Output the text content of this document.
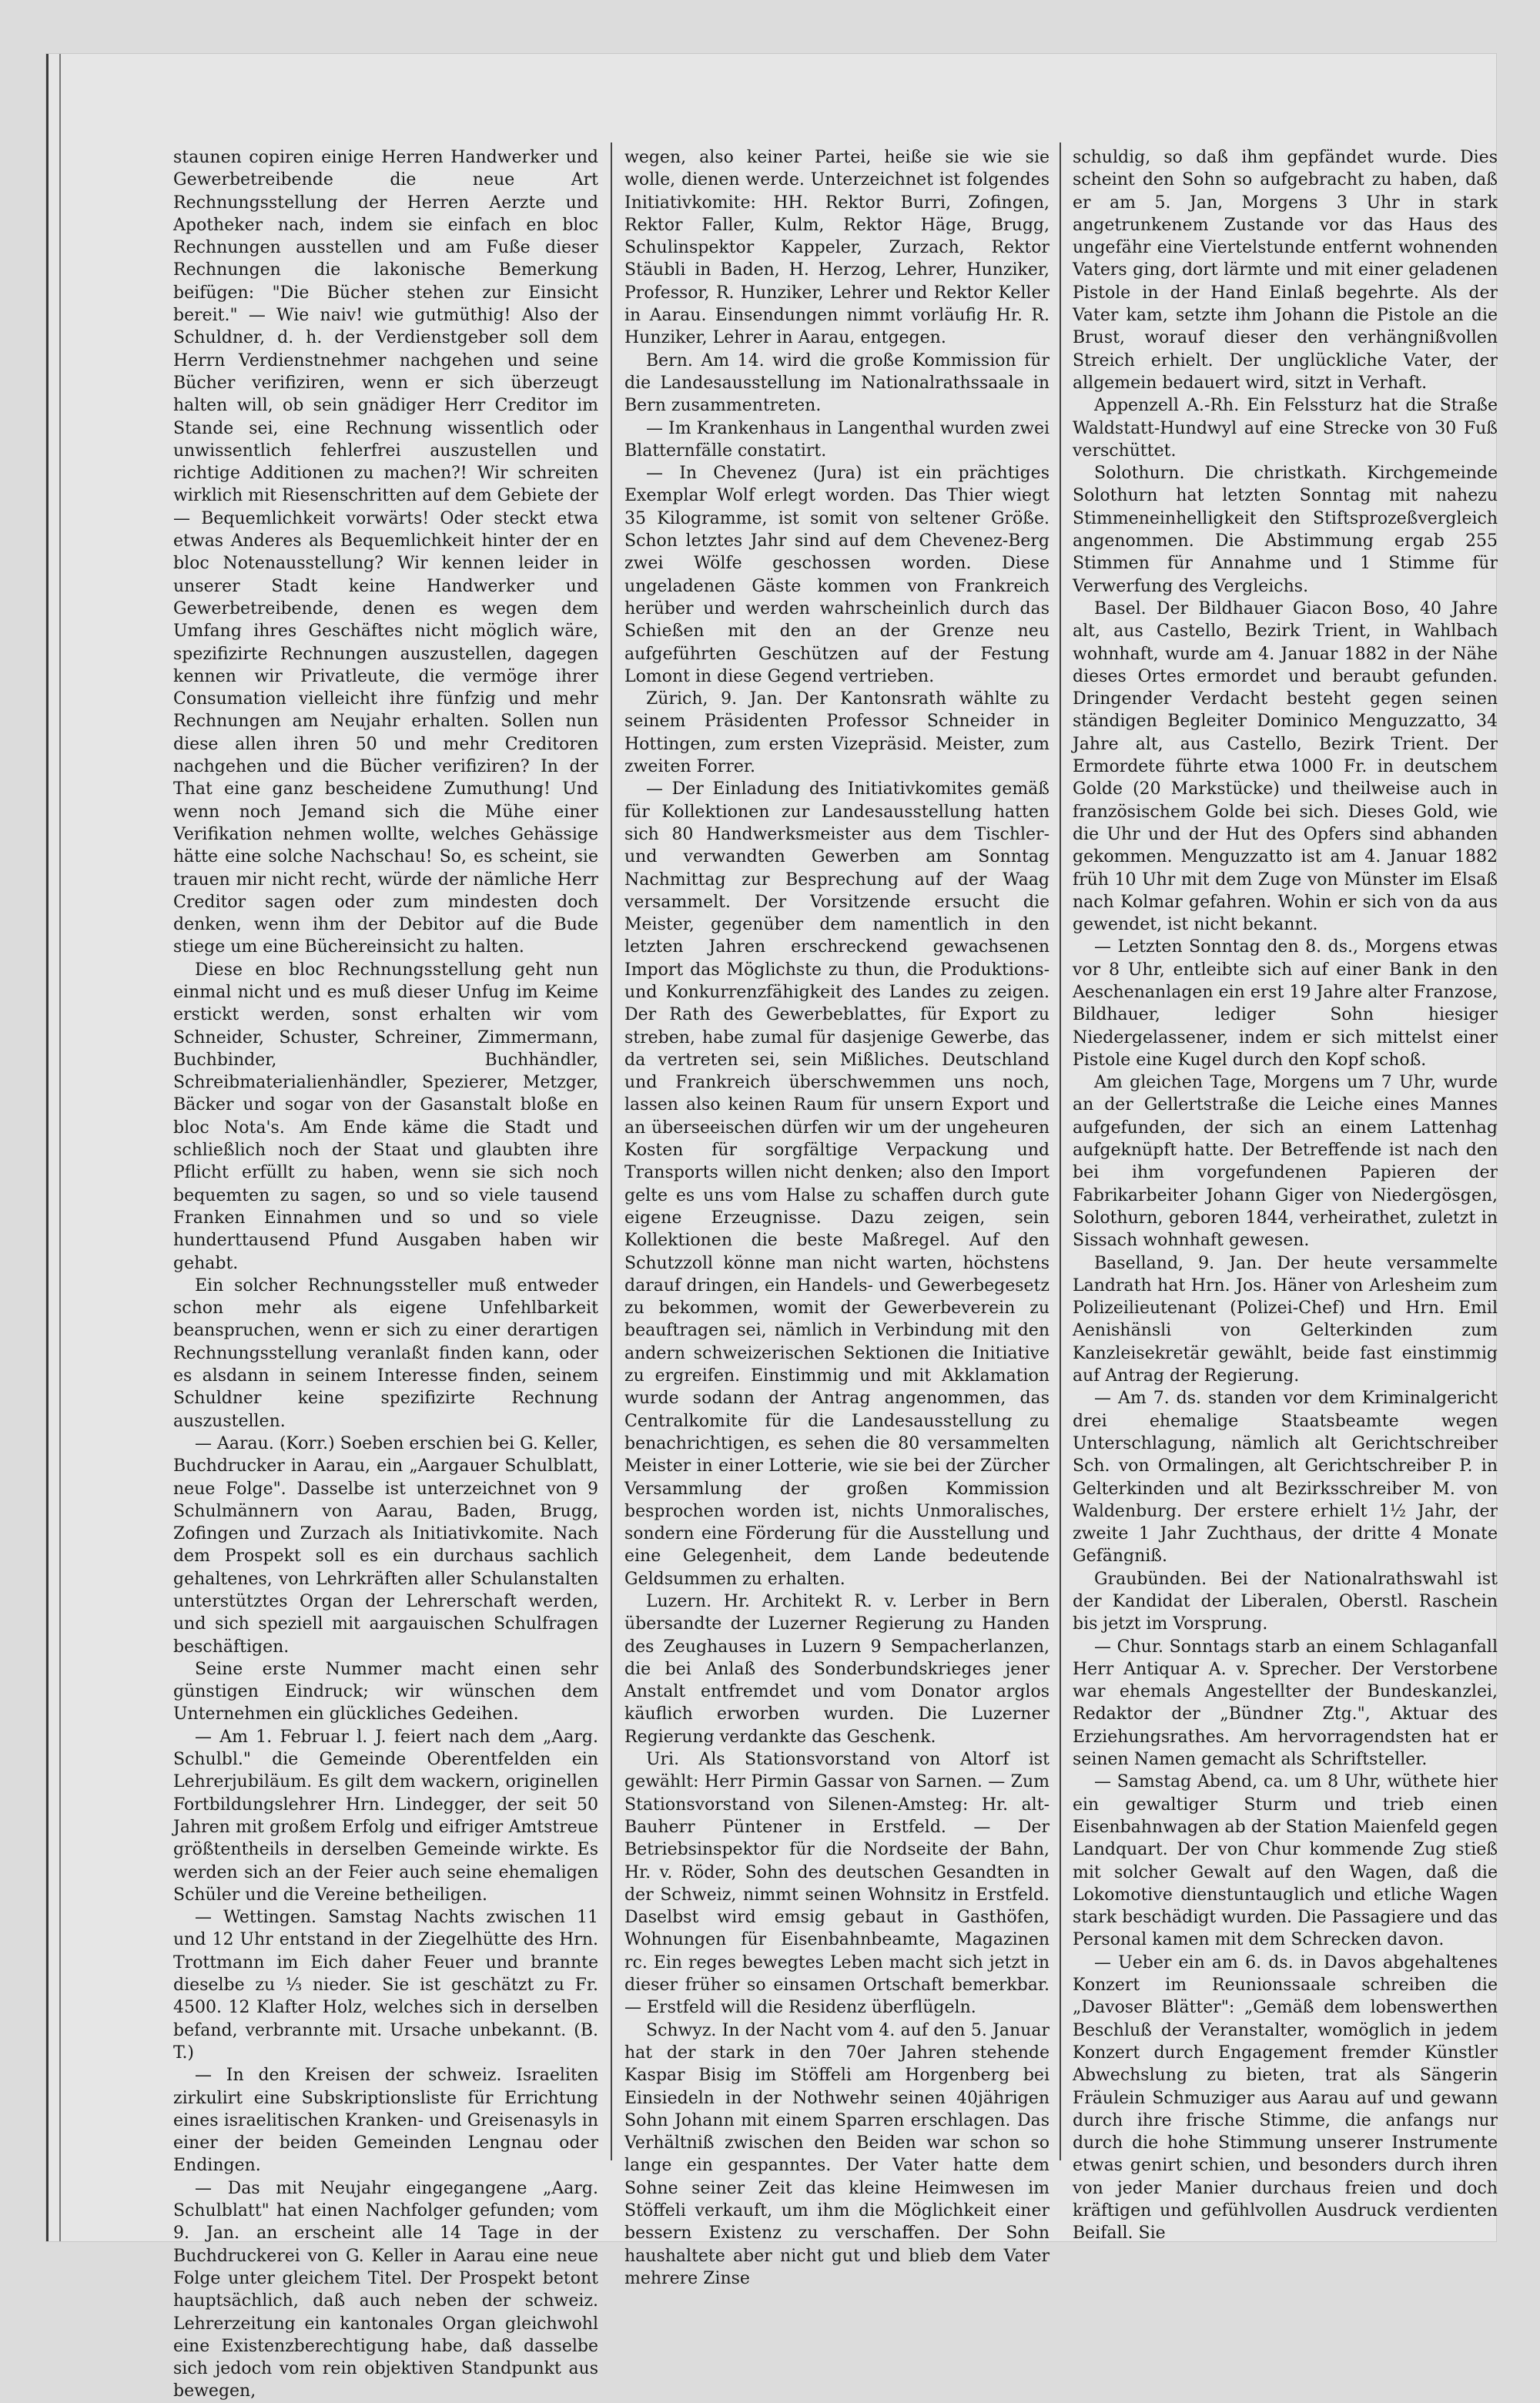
staunen copiren einige Herren Handwerker und Gewerbetreibende die neue Art Rechnungsstellung der Herren Aerzte und Apotheker nach, indem sie einfach en bloc Rechnungen ausstellen und am Fuße dieser Rechnungen die lakonische Bemerkung beifügen: "Die Bücher stehen zur Einsicht bereit." — Wie naiv! wie gutmüthig! Also der Schuldner, d. h. der Verdienstgeber soll dem Herrn Verdienstnehmer nachgehen und seine Bücher verifiziren, wenn er sich überzeugt halten will, ob sein gnädiger Herr Creditor im Stande sei, eine Rechnung wissentlich oder unwissentlich fehlerfrei auszustellen und richtige Additionen zu machen?! Wir schreiten wirklich mit Riesenschritten auf dem Gebiete der — Bequemlichkeit vorwärts! Oder steckt etwa etwas Anderes als Bequemlichkeit hinter der en bloc Notenausstellung? Wir kennen leider in unserer Stadt keine Handwerker und Gewerbetreibende, denen es wegen dem Umfang ihres Geschäftes nicht möglich wäre, spezifizirte Rechnungen auszustellen, dagegen kennen wir Privatleute, die vermöge ihrer Consumation vielleicht ihre fünfzig und mehr Rechnungen am Neujahr erhalten. Sollen nun diese allen ihren 50 und mehr Creditoren nachgehen und die Bücher verifiziren? In der That eine ganz bescheidene Zumuthung! Und wenn noch Jemand sich die Mühe einer Verifikation nehmen wollte, welches Gehässige hätte eine solche Nachschau! So, es scheint, sie trauen mir nicht recht, würde der nämliche Herr Creditor sagen oder zum mindesten doch denken, wenn ihm der Debitor auf die Bude stiege um eine Büchereinsicht zu halten.

Diese en bloc Rechnungsstellung geht nun einmal nicht und es muß dieser Unfug im Keime erstickt werden, sonst erhalten wir vom Schneider, Schuster, Schreiner, Zimmermann, Buchbinder, Buchhändler, Schreibmaterialienhändler, Spezierer, Metzger, Bäcker und sogar von der Gasanstalt bloße en bloc Nota's. Am Ende käme die Stadt und schließlich noch der Staat und glaubten ihre Pflicht erfüllt zu haben, wenn sie sich noch bequemten zu sagen, so und so viele tausend Franken Einnahmen und so und so viele hunderttausend Pfund Ausgaben haben wir gehabt.

Ein solcher Rechnungssteller muß entweder schon mehr als eigene Unfehlbarkeit beanspruchen, wenn er sich zu einer derartigen Rechnungsstellung veranlaßt finden kann, oder es alsdann in seinem Interesse finden, seinem Schuldner keine spezifizirte Rechnung auszustellen.

— Aarau. (Korr.) Soeben erschien bei G. Keller, Buchdrucker in Aarau, ein „Aargauer Schulblatt, neue Folge". Dasselbe ist unterzeichnet von 9 Schulmännern von Aarau, Baden, Brugg, Zofingen und Zurzach als Initiativkomite. Nach dem Prospekt soll es ein durchaus sachlich gehaltenes, von Lehrkräften aller Schulanstalten unterstütztes Organ der Lehrerschaft werden, und sich speziell mit aargauischen Schulfragen beschäftigen.

Seine erste Nummer macht einen sehr günstigen Eindruck; wir wünschen dem Unternehmen ein glückliches Gedeihen.

— Am 1. Februar l. J. feiert nach dem „Aarg. Schulbl." die Gemeinde Oberentfelden ein Lehrerjubiläum. Es gilt dem wackern, originellen Fortbildungslehrer Hrn. Lindegger, der seit 50 Jahren mit großem Erfolg und eifriger Amtstreue größtentheils in derselben Gemeinde wirkte. Es werden sich an der Feier auch seine ehemaligen Schüler und die Vereine betheiligen.

— Wettingen. Samstag Nachts zwischen 11 und 12 Uhr entstand in der Ziegelhütte des Hrn. Trottmann im Eich daher Feuer und brannte dieselbe zu ⅓ nieder. Sie ist geschätzt zu Fr. 4500. 12 Klafter Holz, welches sich in derselben befand, verbrannte mit. Ursache unbekannt. (B. T.)

— In den Kreisen der schweiz. Israeliten zirkulirt eine Subskriptionsliste für Errichtung eines israelitischen Kranken- und Greisenasyls in einer der beiden Gemeinden Lengnau oder Endingen.

— Das mit Neujahr eingegangene „Aarg. Schulblatt" hat einen Nachfolger gefunden; vom 9. Jan. an erscheint alle 14 Tage in der Buchdruckerei von G. Keller in Aarau eine neue Folge unter gleichem Titel. Der Prospekt betont hauptsächlich, daß auch neben der schweiz. Lehrerzeitung ein kantonales Organ gleichwohl eine Existenzberechtigung habe, daß dasselbe sich jedoch vom rein objektiven Standpunkt aus bewegen,

wegen, also keiner Partei, heiße sie wie sie wolle, dienen werde. Unterzeichnet ist folgendes Initiativkomite: HH. Rektor Burri, Zofingen, Rektor Faller, Kulm, Rektor Häge, Brugg, Schulinspektor Kappeler, Zurzach, Rektor Stäubli in Baden, H. Herzog, Lehrer, Hunziker, Professor, R. Hunziker, Lehrer und Rektor Keller in Aarau. Einsendungen nimmt vorläufig Hr. R. Hunziker, Lehrer in Aarau, entgegen.

Bern. Am 14. wird die große Kommission für die Landesausstellung im Nationalrathssaale in Bern zusammentreten.

— Im Krankenhaus in Langenthal wurden zwei Blatternfälle constatirt.

— In Chevenez (Jura) ist ein prächtiges Exemplar Wolf erlegt worden. Das Thier wiegt 35 Kilogramme, ist somit von seltener Größe. Schon letztes Jahr sind auf dem Chevenez-Berg zwei Wölfe geschossen worden. Diese ungeladenen Gäste kommen von Frankreich herüber und werden wahrscheinlich durch das Schießen mit den an der Grenze neu aufgeführten Geschützen auf der Festung Lomont in diese Gegend vertrieben.

Zürich, 9. Jan. Der Kantonsrath wählte zu seinem Präsidenten Professor Schneider in Hottingen, zum ersten Vizepräsid. Meister, zum zweiten Forrer.

— Der Einladung des Initiativkomites gemäß für Kollektionen zur Landesausstellung hatten sich 80 Handwerksmeister aus dem Tischler- und verwandten Gewerben am Sonntag Nachmittag zur Besprechung auf der Waag versammelt. Der Vorsitzende ersucht die Meister, gegenüber dem namentlich in den letzten Jahren erschreckend gewachsenen Import das Möglichste zu thun, die Produktions- und Konkurrenzfähigkeit des Landes zu zeigen. Der Rath des Gewerbeblattes, für Export zu streben, habe zumal für dasjenige Gewerbe, das da vertreten sei, sein Mißliches. Deutschland und Frankreich überschwemmen uns noch, lassen also keinen Raum für unsern Export und an überseeischen dürfen wir um der ungeheuren Kosten für sorgfältige Verpackung und Transports willen nicht denken; also den Import gelte es uns vom Halse zu schaffen durch gute eigene Erzeugnisse. Dazu zeigen, sein Kollektionen die beste Maßregel. Auf den Schutzzoll könne man nicht warten, höchstens darauf dringen, ein Handels- und Gewerbegesetz zu bekommen, womit der Gewerbeverein zu beauftragen sei, nämlich in Verbindung mit den andern schweizerischen Sektionen die Initiative zu ergreifen. Einstimmig und mit Akklamation wurde sodann der Antrag angenommen, das Centralkomite für die Landesausstellung zu benachrichtigen, es sehen die 80 versammelten Meister in einer Lotterie, wie sie bei der Zürcher Versammlung der großen Kommission besprochen worden ist, nichts Unmoralisches, sondern eine Förderung für die Ausstellung und eine Gelegenheit, dem Lande bedeutende Geldsummen zu erhalten.

Luzern. Hr. Architekt R. v. Lerber in Bern übersandte der Luzerner Regierung zu Handen des Zeughauses in Luzern 9 Sempacherlanzen, die bei Anlaß des Sonderbundskrieges jener Anstalt entfremdet und vom Donator arglos käuflich erworben wurden. Die Luzerner Regierung verdankte das Geschenk.

Uri. Als Stationsvorstand von Altorf ist gewählt: Herr Pirmin Gassar von Sarnen. — Zum Stationsvorstand von Silenen-Amsteg: Hr. alt-Bauherr Püntener in Erstfeld. — Der Betriebsinspektor für die Nordseite der Bahn, Hr. v. Röder, Sohn des deutschen Gesandten in der Schweiz, nimmt seinen Wohnsitz in Erstfeld. Daselbst wird emsig gebaut in Gasthöfen, Wohnungen für Eisenbahnbeamte, Magazinen rc. Ein reges bewegtes Leben macht sich jetzt in dieser früher so einsamen Ortschaft bemerkbar. — Erstfeld will die Residenz überflügeln.

Schwyz. In der Nacht vom 4. auf den 5. Januar hat der stark in den 70er Jahren stehende Kaspar Bisig im Stöffeli am Horgenberg bei Einsiedeln in der Nothwehr seinen 40jährigen Sohn Johann mit einem Sparren erschlagen. Das Verhältniß zwischen den Beiden war schon so lange ein gespanntes. Der Vater hatte dem Sohne seiner Zeit das kleine Heimwesen im Stöffeli verkauft, um ihm die Möglichkeit einer bessern Existenz zu verschaffen. Der Sohn haushaltete aber nicht gut und blieb dem Vater mehrere Zinse

schuldig, so daß ihm gepfändet wurde. Dies scheint den Sohn so aufgebracht zu haben, daß er am 5. Jan, Morgens 3 Uhr in stark angetrunkenem Zustande vor das Haus des ungefähr eine Viertelstunde entfernt wohnenden Vaters ging, dort lärmte und mit einer geladenen Pistole in der Hand Einlaß begehrte. Als der Vater kam, setzte ihm Johann die Pistole an die Brust, worauf dieser den verhängnißvollen Streich erhielt. Der unglückliche Vater, der allgemein bedauert wird, sitzt in Verhaft.

Appenzell A.-Rh. Ein Felssturz hat die Straße Waldstatt-Hundwyl auf eine Strecke von 30 Fuß verschüttet.

Solothurn. Die christkath. Kirchgemeinde Solothurn hat letzten Sonntag mit nahezu Stimmeneinhelligkeit den Stiftsprozeßvergleich angenommen. Die Abstimmung ergab 255 Stimmen für Annahme und 1 Stimme für Verwerfung des Vergleichs.

Basel. Der Bildhauer Giacon Boso, 40 Jahre alt, aus Castello, Bezirk Trient, in Wahlbach wohnhaft, wurde am 4. Januar 1882 in der Nähe dieses Ortes ermordet und beraubt gefunden. Dringender Verdacht besteht gegen seinen ständigen Begleiter Dominico Menguzzatto, 34 Jahre alt, aus Castello, Bezirk Trient. Der Ermordete führte etwa 1000 Fr. in deutschem Golde (20 Markstücke) und theilweise auch in französischem Golde bei sich. Dieses Gold, wie die Uhr und der Hut des Opfers sind abhanden gekommen. Menguzzatto ist am 4. Januar 1882 früh 10 Uhr mit dem Zuge von Münster im Elsaß nach Kolmar gefahren. Wohin er sich von da aus gewendet, ist nicht bekannt.

— Letzten Sonntag den 8. ds., Morgens etwas vor 8 Uhr, entleibte sich auf einer Bank in den Aeschenanlagen ein erst 19 Jahre alter Franzose, Bildhauer, lediger Sohn hiesiger Niedergelassener, indem er sich mittelst einer Pistole eine Kugel durch den Kopf schoß.

Am gleichen Tage, Morgens um 7 Uhr, wurde an der Gellertstraße die Leiche eines Mannes aufgefunden, der sich an einem Lattenhag aufgeknüpft hatte. Der Betreffende ist nach den bei ihm vorgefundenen Papieren der Fabrikarbeiter Johann Giger von Niedergösgen, Solothurn, geboren 1844, verheirathet, zuletzt in Sissach wohnhaft gewesen.

Baselland, 9. Jan. Der heute versammelte Landrath hat Hrn. Jos. Häner von Arlesheim zum Polizeilieutenant (Polizei-Chef) und Hrn. Emil Aenishänsli von Gelterkinden zum Kanzleisekretär gewählt, beide fast einstimmig auf Antrag der Regierung.

— Am 7. ds. standen vor dem Kriminalgericht drei ehemalige Staatsbeamte wegen Unterschlagung, nämlich alt Gerichtschreiber Sch. von Ormalingen, alt Gerichtschreiber P. in Gelterkinden und alt Bezirksschreiber M. von Waldenburg. Der erstere erhielt 1½ Jahr, der zweite 1 Jahr Zuchthaus, der dritte 4 Monate Gefängniß.

Graubünden. Bei der Nationalrathswahl ist der Kandidat der Liberalen, Oberstl. Raschein bis jetzt im Vorsprung.

— Chur. Sonntags starb an einem Schlaganfall Herr Antiquar A. v. Sprecher. Der Verstorbene war ehemals Angestellter der Bundeskanzlei, Redaktor der „Bündner Ztg.", Aktuar des Erziehungsrathes. Am hervorragendsten hat er seinen Namen gemacht als Schriftsteller.

— Samstag Abend, ca. um 8 Uhr, wüthete hier ein gewaltiger Sturm und trieb einen Eisenbahnwagen ab der Station Maienfeld gegen Landquart. Der von Chur kommende Zug stieß mit solcher Gewalt auf den Wagen, daß die Lokomotive dienstuntauglich und etliche Wagen stark beschädigt wurden. Die Passagiere und das Personal kamen mit dem Schrecken davon.

— Ueber ein am 6. ds. in Davos abgehaltenes Konzert im Reunionssaale schreiben die „Davoser Blätter": „Gemäß dem lobenswerthen Beschluß der Veranstalter, womöglich in jedem Konzert durch Engagement fremder Künstler Abwechslung zu bieten, trat als Sängerin Fräulein Schmuziger aus Aarau auf und gewann durch ihre frische Stimme, die anfangs nur durch die hohe Stimmung unserer Instrumente etwas genirt schien, und besonders durch ihren von jeder Manier durchaus freien und doch kräftigen und gefühlvollen Ausdruck verdienten Beifall. Sie
